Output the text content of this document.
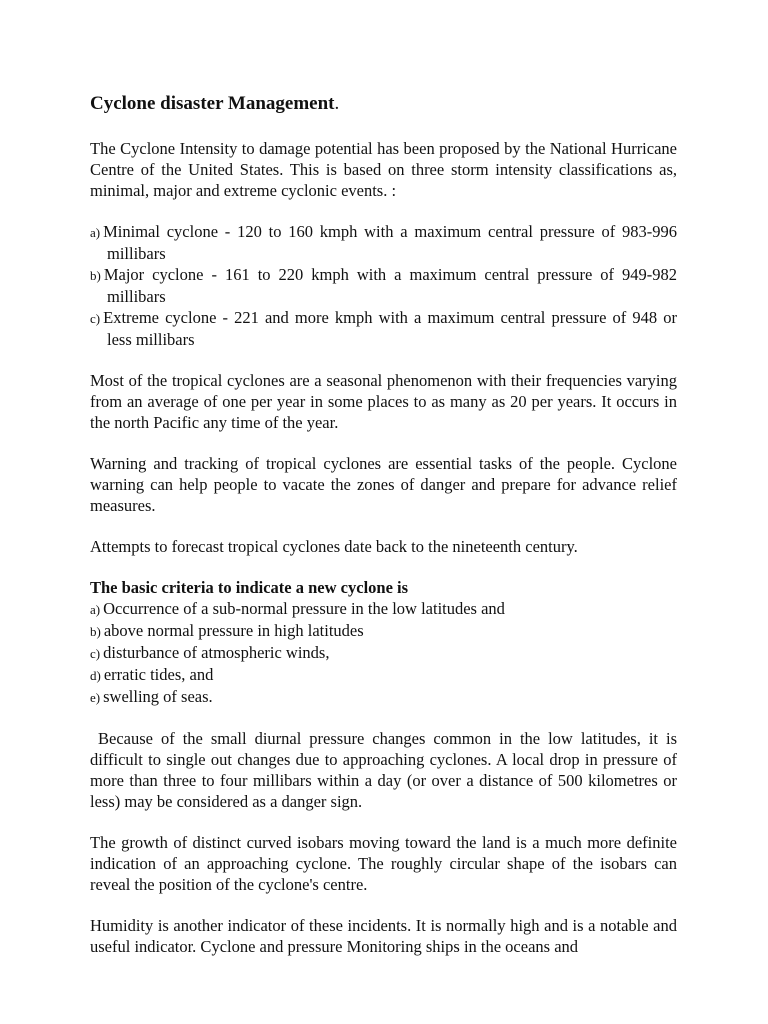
Cyclone disaster Management.

The Cyclone Intensity to damage potential has been proposed by the National Hurricane Centre of the United States. This is based on three storm intensity classifications as, minimal, major and extreme cyclonic events. :

a) Minimal cyclone - 120 to 160 kmph with a maximum central pressure of 983-996 millibars
b) Major cyclone - 161 to 220 kmph with a maximum central pressure of 949-982 millibars
c) Extreme cyclone - 221 and more kmph with a maximum central pressure of 948 or less millibars

Most of the tropical cyclones are a seasonal phenomenon with their frequencies varying from an average of one per year in some places to as many as 20 per years. It occurs in the north Pacific any time of the year.

Warning and tracking of tropical cyclones are essential tasks of the people. Cyclone warning can help people to vacate the zones of danger and prepare for advance relief measures.

Attempts to forecast tropical cyclones date back to the nineteenth century.

The basic criteria to indicate a new cyclone is
a) Occurrence of a sub-normal pressure in the low latitudes and
b) above normal pressure in high latitudes
c) disturbance of atmospheric winds,
d) erratic tides, and
e) swelling of seas.

Because of the small diurnal pressure changes common in the low latitudes, it is difficult to single out changes due to approaching cyclones. A local drop in pressure of more than three to four millibars within a day (or over a distance of 500 kilometres or less) may be considered as a danger sign.

The growth of distinct curved isobars moving toward the land is a much more definite indication of an approaching cyclone. The roughly circular shape of the isobars can reveal the position of the cyclone's centre.

Humidity is another indicator of these incidents. It is normally high and is a notable and useful indicator. Cyclone and pressure Monitoring ships in the oceans and
